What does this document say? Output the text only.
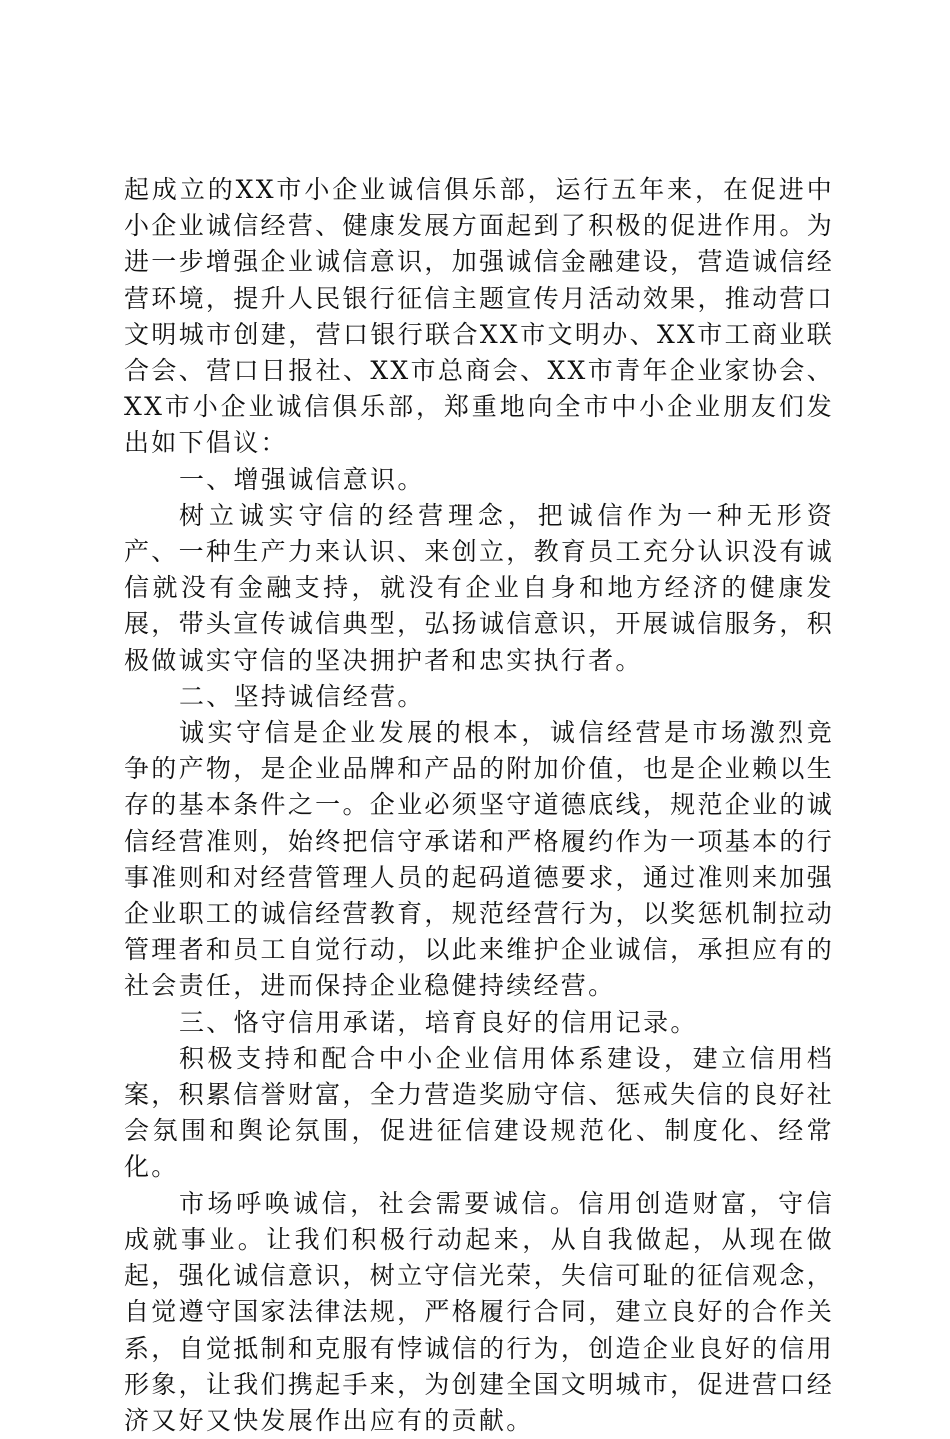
起成立的XX市小企业诚信俱乐部，运行五年来，在促进中小企业诚信经营、健康发展方面起到了积极的促进作用。为进一步增强企业诚信意识，加强诚信金融建设，营造诚信经营环境，提升人民银行征信主题宣传月活动效果，推动营口文明城市创建，营口银行联合XX市文明办、XX市工商业联合会、营口日报社、XX市总商会、XX市青年企业家协会、XX市小企业诚信俱乐部，郑重地向全市中小企业朋友们发出如下倡议：

一、增强诚信意识。

树立诚实守信的经营理念，把诚信作为一种无形资产、一种生产力来认识、来创立，教育员工充分认识没有诚信就没有金融支持，就没有企业自身和地方经济的健康发展，带头宣传诚信典型，弘扬诚信意识，开展诚信服务，积极做诚实守信的坚决拥护者和忠实执行者。

二、坚持诚信经营。

诚实守信是企业发展的根本，诚信经营是市场激烈竞争的产物，是企业品牌和产品的附加价值，也是企业赖以生存的基本条件之一。企业必须坚守道德底线，规范企业的诚信经营准则，始终把信守承诺和严格履约作为一项基本的行事准则和对经营管理人员的起码道德要求，通过准则来加强企业职工的诚信经营教育，规范经营行为，以奖惩机制拉动管理者和员工自觉行动，以此来维护企业诚信，承担应有的社会责任，进而保持企业稳健持续经营。

三、恪守信用承诺，培育良好的信用记录。

积极支持和配合中小企业信用体系建设，建立信用档案，积累信誉财富，全力营造奖励守信、惩戒失信的良好社会氛围和舆论氛围，促进征信建设规范化、制度化、经常化。

市场呼唤诚信，社会需要诚信。信用创造财富，守信成就事业。让我们积极行动起来，从自我做起，从现在做起，强化诚信意识，树立守信光荣，失信可耻的征信观念，自觉遵守国家法律法规，严格履行合同，建立良好的合作关系，自觉抵制和克服有悖诚信的行为，创造企业良好的信用形象，让我们携起手来，为创建全国文明城市，促进营口经济又好又快发展作出应有的贡献。
